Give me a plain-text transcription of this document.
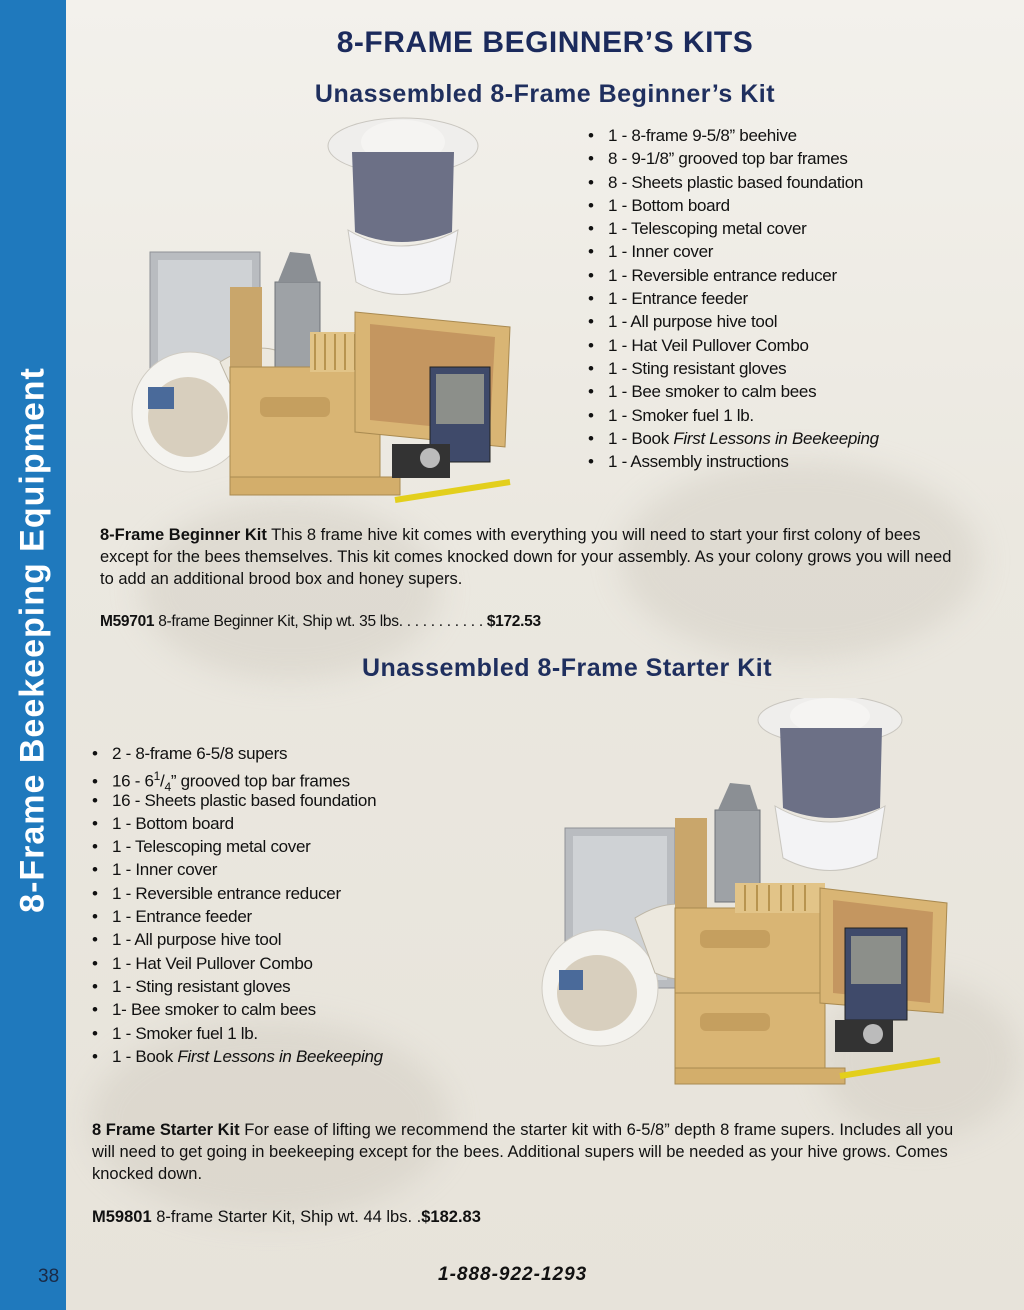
8-Frame Beekeeping Equipment
38
8-FRAME BEGINNER’S KITS
Unassembled 8-Frame Beginner’s Kit
• 1 - 8-frame 9-5/8” beehive
• 8 - 9-1/8” grooved top bar frames
• 8 - Sheets plastic based foundation
• 1 - Bottom board
• 1 - Telescoping metal cover
• 1 - Inner cover
• 1 - Reversible entrance reducer
• 1 - Entrance feeder
• 1 - All purpose hive tool
• 1 - Hat Veil Pullover Combo
• 1 - Sting resistant gloves
• 1 - Bee smoker to calm bees
• 1 - Smoker fuel 1 lb.
• 1 - Book First Lessons in Beekeeping
• 1 - Assembly instructions
8-Frame Beginner Kit This 8 frame hive kit comes with everything you will need to start your first colony of bees except for the bees themselves. This kit comes knocked down for your assembly. As your colony grows you will need to add an additional brood box and honey supers.
M59701 8-frame Beginner Kit, Ship wt. 35 lbs. . . . . . . . . . . $172.53
Unassembled 8-Frame Starter Kit
• 2 - 8-frame 6-5/8 supers
• $16 - 6^1/_4$” grooved top bar frames
• 16 - Sheets plastic based foundation
• 1 - Bottom board
• 1 - Telescoping metal cover
• 1 - Inner cover
• 1 - Reversible entrance reducer
• 1 - Entrance feeder
• 1 - All purpose hive tool
• 1 - Hat Veil Pullover Combo
• 1 - Sting resistant gloves
• 1- Bee smoker to calm bees
• 1 - Smoker fuel 1 lb.
• 1 - Book First Lessons in Beekeeping
8 Frame Starter Kit For ease of lifting we recommend the starter kit with 6-5/8” depth 8 frame supers. Includes all you will need to get going in beekeeping except for the bees. Additional supers will be needed as your hive grows. Comes knocked down.
M59801 8-frame Starter Kit, Ship wt. 44 lbs. .$182.83
1-888-922-1293
